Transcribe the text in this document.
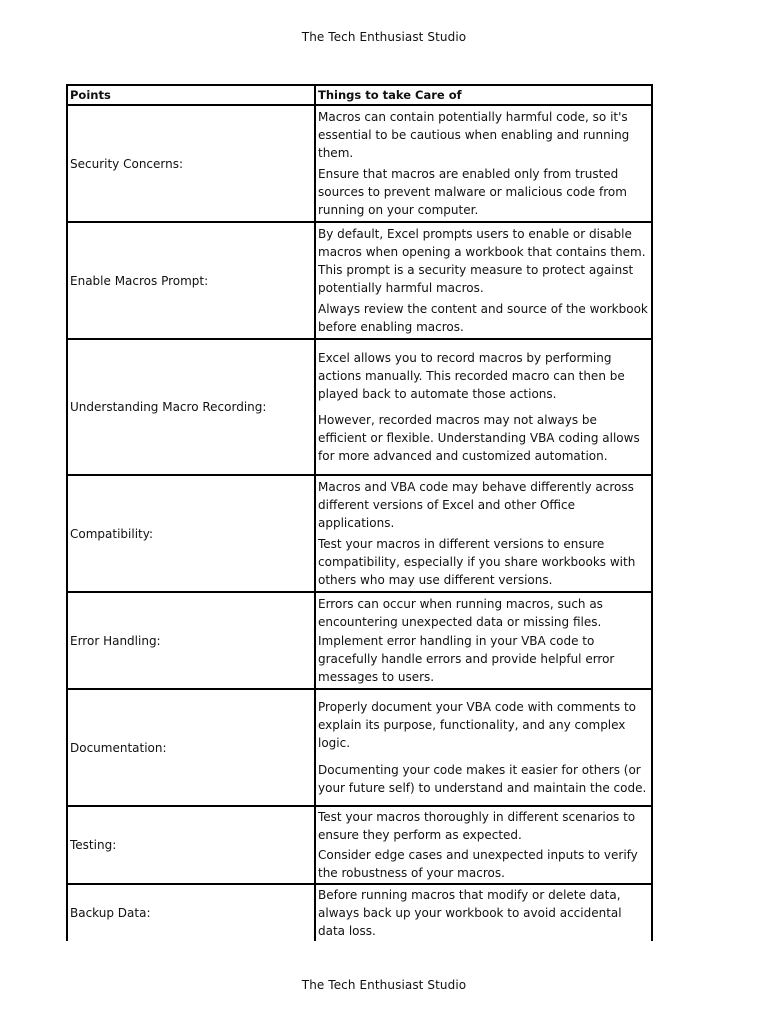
The Tech Enthusiast Studio
Points	Things to take Care of
Security Concerns:

Macros can contain potentially harmful code, so it's essential to be cautious when enabling and running them.

Ensure that macros are enabled only from trusted sources to prevent malware or malicious code from running on your computer.

Enable Macros Prompt:

By default, Excel prompts users to enable or disable macros when opening a workbook that contains them. This prompt is a security measure to protect against potentially harmful macros.

Always review the content and source of the workbook before enabling macros.

Understanding Macro Recording:

Excel allows you to record macros by performing actions manually. This recorded macro can then be played back to automate those actions.

However, recorded macros may not always be efficient or flexible. Understanding VBA coding allows for more advanced and customized automation.

Compatibility:

Macros and VBA code may behave differently across different versions of Excel and other Office applications.

Test your macros in different versions to ensure compatibility, especially if you share workbooks with others who may use different versions.

Error Handling:

Errors can occur when running macros, such as encountering unexpected data or missing files.

Implement error handling in your VBA code to gracefully handle errors and provide helpful error messages to users.

Documentation:

Properly document your VBA code with comments to explain its purpose, functionality, and any complex logic.

Documenting your code makes it easier for others (or your future self) to understand and maintain the code.

Testing:

Test your macros thoroughly in different scenarios to ensure they perform as expected.

Consider edge cases and unexpected inputs to verify the robustness of your macros.

Backup Data:

Before running macros that modify or delete data, always back up your workbook to avoid accidental data loss.

The Tech Enthusiast Studio
